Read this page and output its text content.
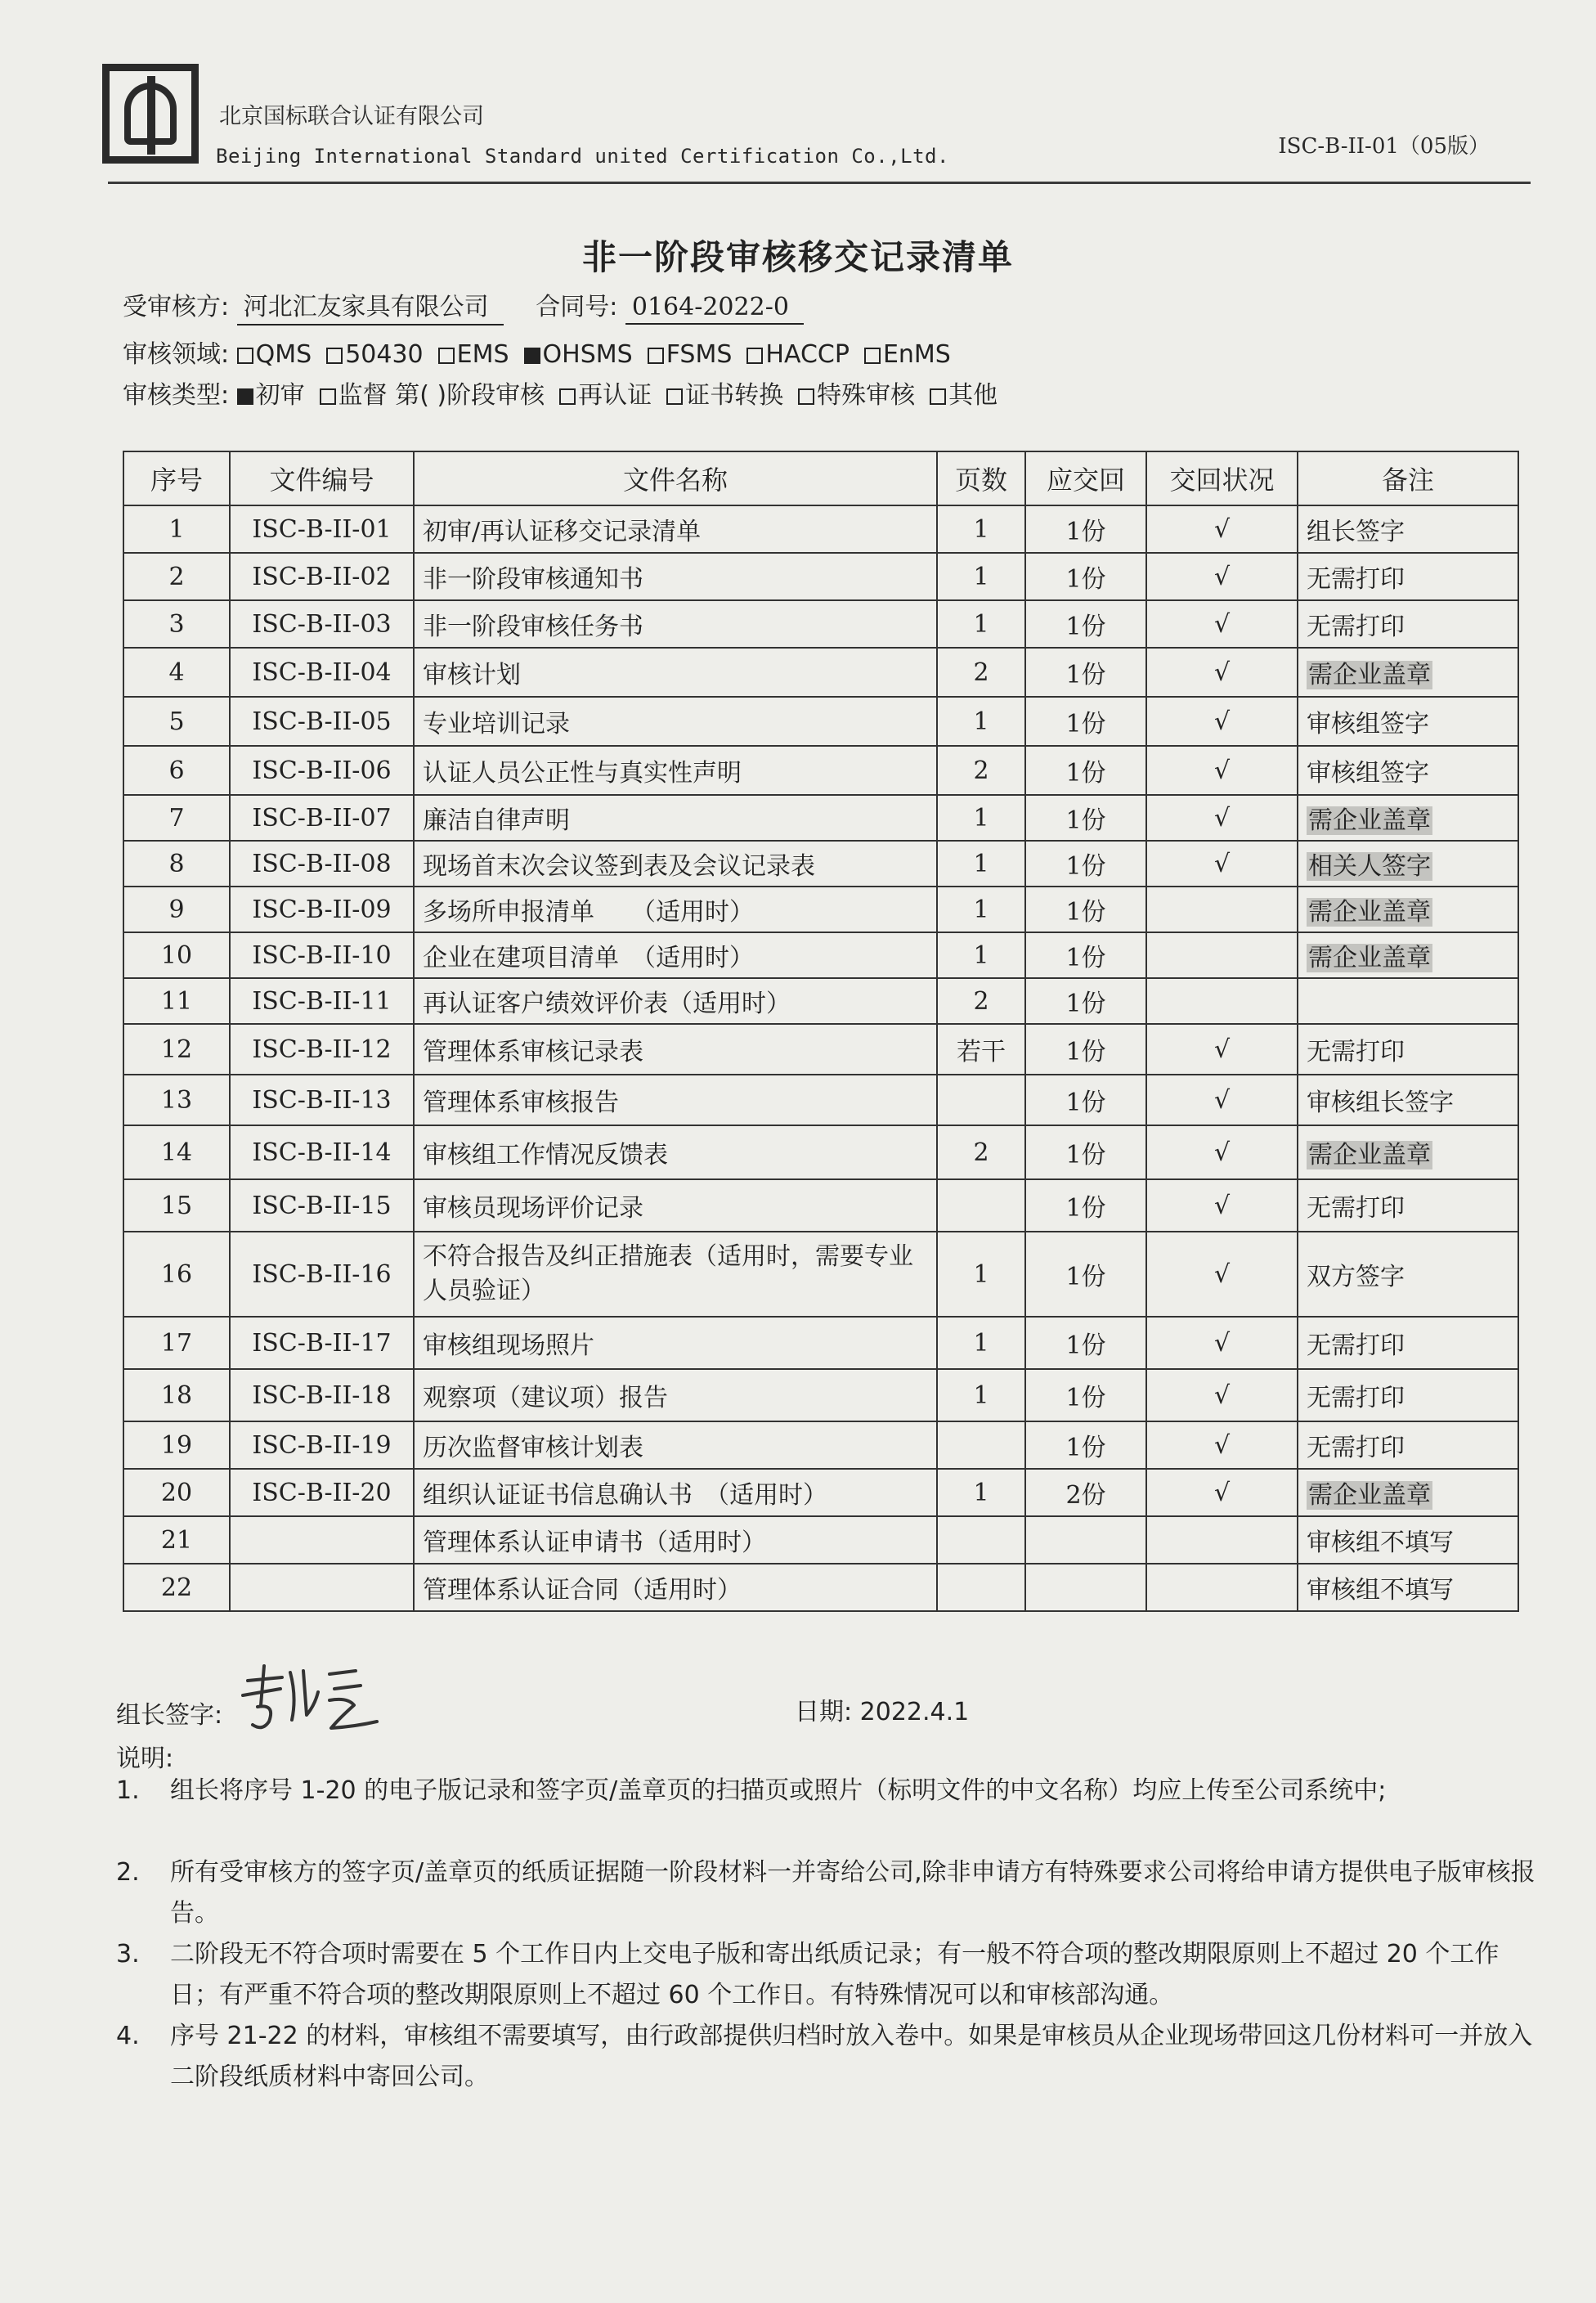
北京国标联合认证有限公司
Beijing International Standard united Certification Co.,Ltd.	ISC-B-II-01（05版）
非一阶段审核移交记录清单
受审核方: 河北汇友家具有限公司 合同号: 0164-2022-0
审核领域: QMS 50430 EMS OHSMS FSMS HACCP EnMS
审核类型: 初审 监督 第( )阶段审核 再认证 证书转换 特殊审核 其他
序号	文件编号	文件名称	页数	应交回	交回状况	备注
1	ISC-B-II-01	初审/再认证移交记录清单	1	1份	√	组长签字
2	ISC-B-II-02	非一阶段审核通知书	1	1份	√	无需打印
3	ISC-B-II-03	非一阶段审核任务书	1	1份	√	无需打印
4	ISC-B-II-04	审核计划	2	1份	√	需企业盖章
5	ISC-B-II-05	专业培训记录	1	1份	√	审核组签字
6	ISC-B-II-06	认证人员公正性与真实性声明	2	1份	√	审核组签字
7	ISC-B-II-07	廉洁自律声明	1	1份	√	需企业盖章
8	ISC-B-II-08	现场首末次会议签到表及会议记录表	1	1份	√	相关人签字
9	ISC-B-II-09	多场所申报清单　　（适用时）	1	1份		需企业盖章
10	ISC-B-II-10	企业在建项目清单　（适用时）	1	1份		需企业盖章
11	ISC-B-II-11	再认证客户绩效评价表（适用时）	2	1份		
12	ISC-B-II-12	管理体系审核记录表	若干	1份	√	无需打印
13	ISC-B-II-13	管理体系审核报告		1份	√	审核组长签字
14	ISC-B-II-14	审核组工作情况反馈表	2	1份	√	需企业盖章
15	ISC-B-II-15	审核员现场评价记录		1份	√	无需打印
16	ISC-B-II-16	不符合报告及纠正措施表（适用时，需要专业人员验证）	1	1份	√	双方签字
17	ISC-B-II-17	审核组现场照片	1	1份	√	无需打印
18	ISC-B-II-18	观察项（建议项）报告	1	1份	√	无需打印
19	ISC-B-II-19	历次监督审核计划表		1份	√	无需打印
20	ISC-B-II-20	组织认证证书信息确认书　（适用时）	1	2份	√	需企业盖章
21		管理体系认证申请书（适用时）				审核组不填写
22		管理体系认证合同（适用时）				审核组不填写
组长签字:	日期: 2022.4.1
说明:
1. 组长将序号 1-20 的电子版记录和签字页/盖章页的扫描页或照片（标明文件的中文名称）均应上传至公司系统中;
2. 所有受审核方的签字页/盖章页的纸质证据随一阶段材料一并寄给公司,除非申请方有特殊要求公司将给申请方提供电子版审核报告。
3. 二阶段无不符合项时需要在 5 个工作日内上交电子版和寄出纸质记录；有一般不符合项的整改期限原则上不超过 20 个工作日；有严重不符合项的整改期限原则上不超过 60 个工作日。有特殊情况可以和审核部沟通。
4. 序号 21-22 的材料，审核组不需要填写，由行政部提供归档时放入卷中。如果是审核员从企业现场带回这几份材料可一并放入二阶段纸质材料中寄回公司。
